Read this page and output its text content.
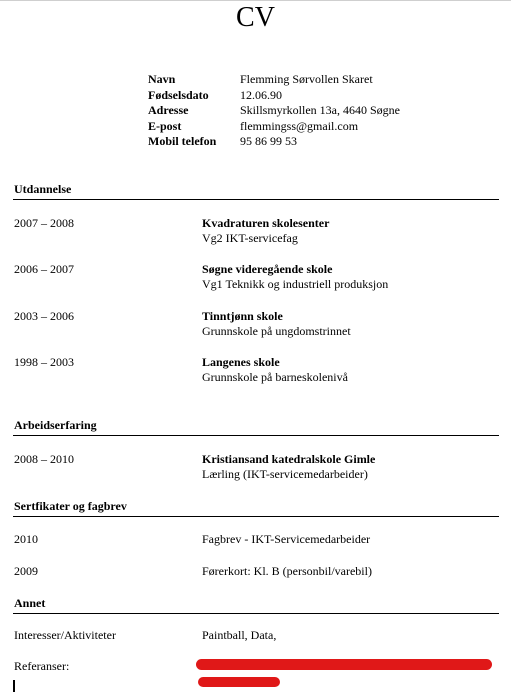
CV
Navn	Flemming Sørvollen Skaret
Fødselsdato	12.06.90
Adresse	Skillsmyrkollen 13a, 4640 Søgne
E-post	flemmingss@gmail.com
Mobil telefon	95 86 99 53
Utdannelse
2007 – 2008	Kvadraturen skolesenter
Vg2 IKT-servicefag
2006 – 2007	Søgne videregående skole
Vg1 Teknikk og industriell produksjon
2003 – 2006	Tinntjønn skole
Grunnskole på ungdomstrinnet
1998 – 2003	Langenes skole
Grunnskole på barneskolenivå
Arbeidserfaring
2008 – 2010	Kristiansand katedralskole Gimle
Lærling (IKT-servicemedarbeider)
Sertfikater og fagbrev
2010	Fagbrev - IKT-Servicemedarbeider
2009	Førerkort: Kl. B (personbil/varebil)
Annet
Interesser/Aktiviteter	Paintball, Data,
Referanser:
